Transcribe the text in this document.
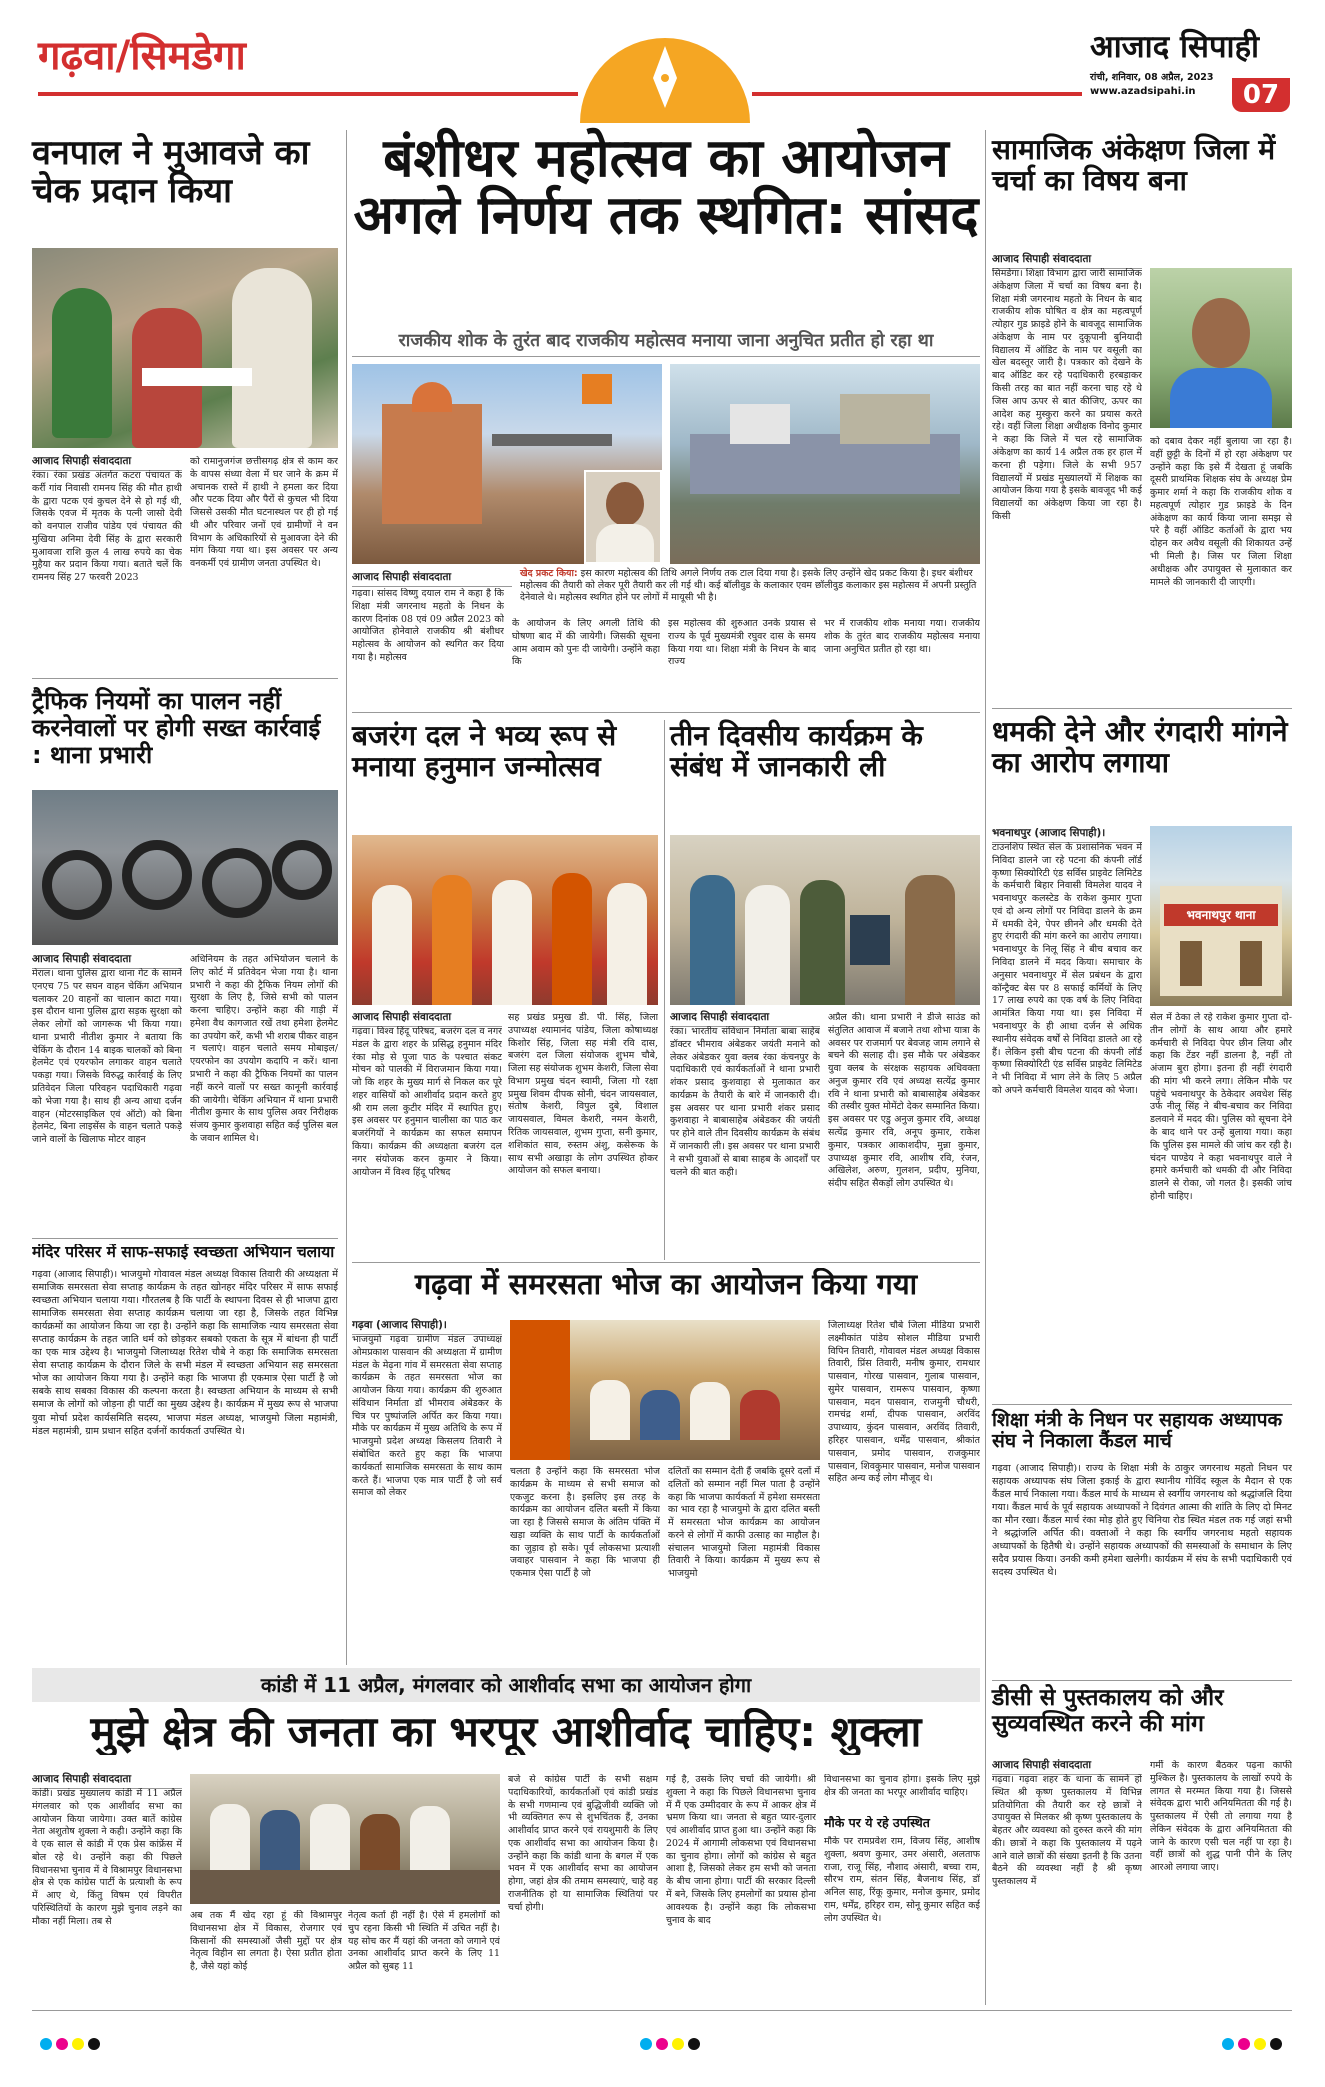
गढ़वा/सिमडेगा	आजाद सिपाही
रांची, शनिवार, 08 अप्रैल, 2023
www.azadsipahi.in	07
वनपाल ने मुआवजे का चेक प्रदान किया
आजाद सिपाही संवाददाता
रंका। रंका प्रखंड अंतर्गत कटरा पंचायत के कर्री गांव निवासी रामनय सिंह की मौत हाथी के द्वारा पटक एवं कुचल देने से हो गई थी, जिसके एवज में मृतक के पत्नी जासो देवी को वनपाल राजीव पांडेय एवं पंचायत की मुखिया अनिमा देवी सिंह के द्वारा सरकारी मुआवजा राशि कुल 4 लाख रुपये का चेक मुहैया कर प्रदान किया गया। बताते चलें कि रामनय सिंह 27 फरवरी 2023
को रामानुजगंज छत्तीसगढ़ क्षेत्र से काम कर के वापस संध्या वेला में घर जाने के क्रम में अचानक रास्ते में हाथी ने हमला कर दिया और पटक दिया और पैरों से कुचल भी दिया जिससे उसकी मौत घटनास्थल पर ही हो गई थी और परिवार जनों एवं ग्रामीणों ने वन विभाग के अधिकारियों से मुआवजा देने की मांग किया गया था। इस अवसर पर अन्य वनकर्मी एवं ग्रामीण जनता उपस्थित थे।
ट्रैफिक नियमों का पालन नहीं करनेवालों पर होगी सख्त कार्रवाई : थाना प्रभारी
आजाद सिपाही संवाददाता
मेराल। थाना पुलिस द्वारा थाना गेट के सामने एनएच 75 पर सघन वाहन चेकिंग अभियान चलाकर 20 वाहनों का चालान काटा गया। इस दौरान थाना पुलिस द्वारा सड़क सुरक्षा को लेकर लोगों को जागरूक भी किया गया। थाना प्रभारी नीतीश कुमार ने बताया कि चेकिंग के दौरान 14 बाइक चालकों को बिना हेलमेट एवं एयरफोन लगाकर वाहन चलाते पकड़ा गया। जिसके विरुद्ध कार्रवाई के लिए प्रतिवेदन जिला परिवहन पदाधिकारी गढ़वा को भेजा गया है। साथ ही अन्य आधा दर्जन वाहन (मोटरसाइकिल एवं ऑटो) को बिना हेलमेट, बिना लाइसेंस के वाहन चलाते पकड़े जाने वालों के खिलाफ मोटर वाहन
अधिनियम के तहत अभियोजन चलाने के लिए कोर्ट में प्रतिवेदन भेजा गया है। थाना प्रभारी ने कहा की ट्रैफिक नियम लोगों की सुरक्षा के लिए है, जिसे सभी को पालन करना चाहिए। उन्होंने कहा की गाड़ी में हमेशा वैध कागजात रखें तथा हमेशा हेलमेट का उपयोग करें, कभी भी शराब पीकर वाहन न चलाएं। वाहन चलाते समय मोबाइल/एयरफोन का उपयोग कदापि न करें। थाना प्रभारी ने कहा की ट्रैफिक नियमों का पालन नहीं करने वालों पर सख्त कानूनी कार्रवाई की जायेगी। चेकिंग अभियान में थाना प्रभारी नीतीश कुमार के साथ पुलिस अवर निरीक्षक संजय कुमार कुशवाहा सहित कई पुलिस बल के जवान शामिल थे।
मंदिर परिसर में साफ-सफाई स्वच्छता अभियान चलाया
गढ़वा (आजाद सिपाही)। भाजयुमो गोवावल मंडल अध्यक्ष विकास तिवारी की अध्यक्षता में समाजिक समरसता सेवा सप्ताह कार्यक्रम के तहत खोनहर मंदिर परिसर में साफ सफाई स्वच्छता अभियान चलाया गया। गौरतलब है कि पार्टी के स्थापना दिवस से ही भाजपा द्वारा सामाजिक समरसता सेवा सप्ताह कार्यक्रम चलाया जा रहा है, जिसके तहत विभिन्न कार्यक्रमों का आयोजन किया जा रहा है। उन्होंने कहा कि सामाजिक न्याय समरसता सेवा सप्ताह कार्यक्रम के तहत जाति धर्म को छोड़कर सबको एकता के सूत्र में बांधना ही पार्टी का एक मात्र उद्देश्य है। भाजयुमो जिलाध्यक्ष रितेश चौबे ने कहा कि समाजिक समरसता सेवा सप्ताह कार्यक्रम के दौरान जिले के सभी मंडल में स्वच्छता अभियान सह समरसता भोज का आयोजन किया गया है। उन्होंने कहा कि भाजपा ही एकमात्र ऐसा पार्टी है जो सबके साथ सबका विकास की कल्पना करता है। स्वच्छता अभियान के माध्यम से सभी समाज के लोगों को जोड़ना ही पार्टी का मुख्य उद्देश्य है। कार्यक्रम में मुख्य रूप से भाजपा युवा मोर्चा प्रदेश कार्यसमिति सदस्य, भाजपा मंडल अध्यक्ष, भाजयुमो जिला महामंत्री, मंडल महामंत्री, ग्राम प्रधान सहित दर्जनों कार्यकर्ता उपस्थित थे।
बंशीधर महोत्सव का आयोजन अगले निर्णय तक स्थगित: सांसद
राजकीय शोक के तुरंत बाद राजकीय महोत्सव मनाया जाना अनुचित प्रतीत हो रहा था
खेद प्रकट किया: इस कारण महोत्सव की तिथि अगले निर्णय तक टाल दिया गया है। इसके लिए उन्होंने खेद प्रकट किया है। इधर बंशीधर महोत्सव की तैयारी को लेकर पूरी तैयारी कर ली गई थी। कई बॉलीवुड के कलाकार एवम छॉलीवुड कलाकार इस महोत्सव में अपनी प्रस्तुति देनेवाले थे। महोत्सव स्थगित होने पर लोगों में मायूसी भी है।
आजाद सिपाही संवाददाता
गढ़वा। सांसद विष्णु दयाल राम ने कहा है कि शिक्षा मंत्री जगरनाथ महतो के निधन के कारण दिनांक 08 एवं 09 अप्रैल 2023 को आयोजित होनेवाले राजकीय श्री बंशीधर महोत्सव के आयोजन को स्थगित कर दिया गया है। महोत्सव
के आयोजन के लिए अगली तिथि की घोषणा बाद में की जायेगी। जिसकी सूचना आम अवाम को पुनः दी जायेगी। उन्होंने कहा कि
इस महोत्सव की शुरुआत उनके प्रयास से राज्य के पूर्व मुख्यमंत्री रघुवर दास के समय किया गया था। शिक्षा मंत्री के निधन के बाद राज्य
भर में राजकीय शोक मनाया गया। राजकीय शोक के तुरंत बाद राजकीय महोत्सव मनाया जाना अनुचित प्रतीत हो रहा था।
बजरंग दल ने भव्य रूप से मनाया हनुमान जन्मोत्सव
आजाद सिपाही संवाददाता
गढ़वा। विश्व हिंदू परिषद, बजरंग दल व नगर मंडल के द्वारा शहर के प्रसिद्ध हनुमान मंदिर रंका मोड़ से पूजा पाठ के पश्चात संकट मोचन को पालकी में विराजमान किया गया। जो कि शहर के मुख्य मार्ग से निकल कर पूरे शहर वासियों को आशीर्वाद प्रदान करते हुए श्री राम लला कुटीर मंदिर में स्थापित हुए। इस अवसर पर हनुमान चालीसा का पाठ कर बजरंगियों ने कार्यक्रम का सफल समापन किया। कार्यक्रम की अध्यक्षता बजरंग दल नगर संयोजक करन कुमार ने किया। आयोजन में विश्व हिंदू परिषद
सह प्रखंड प्रमुख डी. पी. सिंह, जिला उपाध्यक्ष श्यामानंद पांडेय, जिला कोषाध्यक्ष किशोर सिंह, जिला सह मंत्री रवि दास, बजरंग दल जिला संयोजक शुभम चौबे, जिला सह संयोजक शुभम केशरी, जिला सेवा विभाग प्रमुख चंदन स्वामी, जिला गो रक्षा प्रमुख शिवम दीपक सोनी, चंदन जायसवाल, संतोष केशरी, विपुल दुबे, विशाल जायसवाल, विमल केशरी, नमन केशरी, रितिक जायसवाल, शुभम गुप्ता, सनी कुमार, शशिकांत साव, रुस्तम अंशु, कसेरूक के साथ सभी अखाड़ा के लोग उपस्थित होकर आयोजन को सफल बनाया।
तीन दिवसीय कार्यक्रम के संबंध में जानकारी ली
आजाद सिपाही संवाददाता
रंका। भारतीय संविधान निर्माता बाबा साहेब डॉक्टर भीमराव अंबेडकर जयंती मनाने को लेकर अंबेडकर युवा क्लब रंका कंचनपुर के पदाधिकारी एवं कार्यकर्ताओं ने थाना प्रभारी शंकर प्रसाद कुशवाहा से मुलाकात कर कार्यक्रम के तैयारी के बारे में जानकारी दी। इस अवसर पर थाना प्रभारी शंकर प्रसाद कुशवाहा ने बाबासाहेब अंबेडकर की जयंती पर होने वाले तीन दिवसीय कार्यक्रम के संबंध में जानकारी ली। इस अवसर पर थाना प्रभारी ने सभी युवाओं से बाबा साहब के आदर्शों पर चलने की बात कही।
अप्रैल की। थाना प्रभारी ने डीजे साउंड को संतुलित आवाज में बजाने तथा शोभा यात्रा के अवसर पर राजमार्ग पर बेवजह जाम लगाने से बचने की सलाह दी। इस मौके पर अंबेडकर युवा क्लब के संरक्षक सहायक अधिवक्ता अनुज कुमार रवि एवं अध्यक्ष सत्येंद्र कुमार रवि ने थाना प्रभारी को बाबासाहेब अंबेडकर की तस्वीर युक्त मोमेंटो देकर सम्मानित किया। इस अवसर पर एडु अनुज कुमार रवि, अध्यक्ष सत्येंद्र कुमार रवि, अनूप कुमार, राकेश कुमार, पत्रकार आकाशदीप, मुन्ना कुमार, उपाध्यक्ष कुमार रवि, आशीष रवि, रंजन, अखिलेश, अरुण, गुलशन, प्रदीप, मुनिया, संदीप सहित सैकड़ों लोग उपस्थित थे।
गढ़वा में समरसता भोज का आयोजन किया गया
गढ़वा (आजाद सिपाही)।
भाजयुमो गढ़वा ग्रामीण मंडल उपाध्यक्ष ओमप्रकाश पासवान की अध्यक्षता में ग्रामीण मंडल के मेढ़ना गांव में समरसता सेवा सप्ताह कार्यक्रम के तहत समरसता भोज का आयोजन किया गया। कार्यक्रम की शुरुआत संविधान निर्माता डॉ भीमराव अंबेडकर के चित्र पर पुष्पांजलि अर्पित कर किया गया। मौके पर कार्यक्रम में मुख्य अतिथि के रूप में भाजयुमो प्रदेश अध्यक्ष किसलय तिवारी ने संबोधित करते हुए कहा कि भाजपा कार्यकर्ता सामाजिक समरसता के साथ काम करते हैं। भाजपा एक मात्र पार्टी है जो सर्व समाज को लेकर
चलता है उन्होंने कहा कि समरसता भोज कार्यक्रम के माध्यम से सभी समाज को एकजुट करना है। इसलिए इस तरह के कार्यक्रम का आयोजन दलित बस्ती में किया जा रहा है जिससे समाज के अंतिम पंक्ति में खड़ा व्यक्ति के साथ पार्टी के कार्यकर्ताओं का जुड़ाव हो सके। पूर्व लोकसभा प्रत्याशी जवाहर पासवान ने कहा कि भाजपा ही एकमात्र ऐसा पार्टी है जो
दलितों का सम्मान देती हैं जबकि दूसरे दलों में दलितों को सम्मान नहीं मिल पाता है उन्होंने कहा कि भाजपा कार्यकर्ता में हमेशा समरसता का भाव रहा है भाजयुमो के द्वारा दलित बस्ती में समरसता भोज कार्यक्रम का आयोजन करने से लोगों में काफी उत्साह का माहौल है। संचालन भाजयुमो जिला महामंत्री विकास तिवारी ने किया। कार्यक्रम में मुख्य रूप से भाजयुमो
जिलाध्यक्ष रितेश चौबे जिला मीडिया प्रभारी लक्ष्मीकांत पांडेय सोशल मीडिया प्रभारी विपिन तिवारी, गोवावल मंडल अध्यक्ष विकास तिवारी, प्रिंस तिवारी, मनीष कुमार, रामधार पासवान, गोरख पासवान, गुलाब पासवान, सुमेर पासवान, रामरूप पासवान, कृष्णा पासवान, मदन पासवान, राजमुनी चौधरी, रामचंद्र शर्मा, दीपक पासवान, अरविंद उपाध्याय, कुंदन पासवान, अरविंद तिवारी, हरिहर पासवान, धर्मेंद्र पासवान, श्रीकांत पासवान, प्रमोद पासवान, राजकुमार पासवान, शिवकुमार पासवान, मनोज पासवान सहित अन्य कई लोग मौजूद थे।
सामाजिक अंकेक्षण जिला में चर्चा का विषय बना
आजाद सिपाही संवाददाता
सिमडेगा। शिक्षा विभाग द्वारा जारी सामाजिक अंकेक्षण जिला में चर्चा का विषय बना है। शिक्षा मंत्री जगरनाथ महतो के निधन के बाद राजकीय शोक घोषित व क्षेत्र का महत्वपूर्ण त्योहार गुड फ्राइडे होने के बावजूद सामाजिक अंकेक्षण के नाम पर दुकूपानी बुनियादी विद्यालय में ऑडिट के नाम पर वसूली का खेल बदस्तूर जारी है। पत्रकार को देखने के बाद ऑडिट कर रहे पदाधिकारी हरबड़ाकर किसी तरह का बात नहीं करना चाह रहे थे जिस आप ऊपर से बात कीजिए, ऊपर का आदेश कह मुस्कुरा करने का प्रयास करते रहे। वहीं जिला शिक्षा अधीक्षक विनोद कुमार ने कहा कि जिले में चल रहे सामाजिक अंकेक्षण का कार्य 14 अप्रैल तक हर हाल में करना ही पड़ेगा। जिले के सभी 957 विद्यालयों में प्रखंड मुख्यालयों में शिक्षक का आयोजन किया गया है इसके बावजूद भी कई विद्यालयों का अंकेक्षण किया जा रहा है। किसी
को दबाव देकर नहीं बुलाया जा रहा है। वहीं छुट्टी के दिनों में हो रहा अंकेक्षण पर उन्होंने कहा कि इसे मैं देखता हूं जबकि दूसरी प्राथमिक शिक्षक संघ के अध्यक्ष प्रेम कुमार शर्मा ने कहा कि राजकीय शोक व महत्वपूर्ण त्योहार गुड फ्राइडे के दिन अंकेक्षण का कार्य किया जाना समझ से परे है वहीं ऑडिट कर्ताओं के द्वारा भय दोहन कर अवैध वसूली की शिकायत उन्हें भी मिली है। जिस पर जिला शिक्षा अधीक्षक और उपायुक्त से मुलाकात कर मामले की जानकारी दी जाएगी।
धमकी देने और रंगदारी मांगने का आरोप लगाया
भवनाथपुर (आजाद सिपाही)।
टाउनशिप स्थित सेल के प्रशासनिक भवन में निविदा डालने जा रहे पटना की कंपनी लॉर्ड कृष्णा सिक्योरिटी एंड सर्विस प्राइवेट लिमिटेड के कर्मचारी बिहार निवासी विमलेश यादव ने भवनाथपुर कलस्टेड के राकेश कुमार गुप्ता एवं दो अन्य लोगों पर निविदा डालने के क्रम में धमकी देने, पेपर छीनने और धमकी देते हुए रंगदारी की मांग करने का आरोप लगाया। भवनाथपुर के निलू सिंह ने बीच बचाव कर निविदा डालने में मदद किया। समाचार के अनुसार भवनाथपुर में सेल प्रबंधन के द्वारा कॉन्ट्रैक्ट बेस पर 8 सफाई कर्मियों के लिए 17 लाख रुपये का एक वर्ष के लिए निविदा आमंत्रित किया गया था। इस निविदा में भवनाथपुर के ही आधा दर्जन से अधिक स्थानीय संवेदक वर्षों से निविदा डालते आ रहे हैं। लेकिन इसी बीच पटना की कंपनी लॉर्ड कृष्णा सिक्योरिटी एंड सर्विस प्राइवेट लिमिटेड ने भी निविदा में भाग लेने के लिए 5 अप्रैल को अपने कर्मचारी विमलेश यादव को भेजा।
भवनाथपुर थाना
सेल में ठेका ले रहे राकेश कुमार गुप्ता दो-तीन लोगों के साथ आया और हमारे कर्मचारी से निविदा पेपर छीन लिया और कहा कि टेंडर नहीं डालना है, नहीं तो अंजाम बुरा होगा। इतना ही नहीं रंगदारी की मांग भी करने लगा। लेकिन मौके पर पहुंचे भवनाथपुर के ठेकेदार अवधेश सिंह उर्फ नीलू सिंह ने बीच-बचाव कर निविदा डलवाने में मदद की। पुलिस को सूचना देने के बाद थाने पर उन्हें बुलाया गया। कहा कि पुलिस इस मामले की जांच कर रही है। चंदन पाण्डेय ने कहा भवनाथपुर वाले ने हमारे कर्मचारी को धमकी दी और निविदा डालने से रोका, जो गलत है। इसकी जांच होनी चाहिए।
शिक्षा मंत्री के निधन पर सहायक अध्यापक संघ ने निकाला कैंडल मार्च
गढ़वा (आजाद सिपाही)। राज्य के शिक्षा मंत्री के ठाकुर जगरनाथ महतो निधन पर सहायक अध्यापक संघ जिला इकाई के द्वारा स्थानीय गोविंद स्कूल के मैदान से एक कैंडल मार्च निकाला गया। कैंडल मार्च के माध्यम से स्वर्गीय जगरनाथ को श्रद्धांजलि दिया गया। कैंडल मार्च के पूर्व सहायक अध्यापकों ने दिवंगत आत्मा की शांति के लिए दो मिनट का मौन रखा। कैंडल मार्च रंका मोड़ होते हुए चिनिया रोड स्थित मंडल तक गई जहां सभी ने श्रद्धांजलि अर्पित की। वक्ताओं ने कहा कि स्वर्गीय जगरनाथ महतो सहायक अध्यापकों के हितैषी थे। उन्होंने सहायक अध्यापकों की समस्याओं के समाधान के लिए सदैव प्रयास किया। उनकी कमी हमेशा खलेगी। कार्यक्रम में संघ के सभी पदाधिकारी एवं सदस्य उपस्थित थे।
डीसी से पुस्तकालय को और सुव्यवस्थित करने की मांग
आजाद सिपाही संवाददाता
गढ़वा। गढ़वा शहर के थाना के सामने हो स्थित श्री कृष्ण पुस्तकालय में विभिन्न प्रतियोगिता की तैयारी कर रहे छात्रों ने उपायुक्त से मिलकर श्री कृष्ण पुस्तकालय के बेहतर और व्यवस्था को दुरुस्त करने की मांग की। छात्रों ने कहा कि पुस्तकालय में पढ़ने आने वाले छात्रों की संख्या इतनी है कि उतना बैठने की व्यवस्था नहीं है श्री कृष्ण पुस्तकालय में
गर्मी के कारण बैठकर पढ़ना काफी मुश्किल है। पुस्तकालय के लाखों रुपये के लागत से मरम्मत किया गया है। जिससे संवेदक द्वारा भारी अनियमितता की गई है। पुस्तकालय में ऐसी तो लगाया गया है लेकिन संवेदक के द्वारा अनियमितता की जाने के कारण एसी चल नहीं पा रहा है। वहीं छात्रों को शुद्ध पानी पीने के लिए आरओ लगाया जाए।
कांडी में 11 अप्रैल, मंगलवार को आशीर्वाद सभा का आयोजन होगा
मुझे क्षेत्र की जनता का भरपूर आशीर्वाद चाहिए: शुक्ला
आजाद सिपाही संवाददाता
कांडी। प्रखंड मुख्यालय कांडी में 11 अप्रैल मंगलवार को एक आशीर्वाद सभा का आयोजन किया जायेगा। उक्त बातें कांग्रेस नेता अशुतोष शुक्ला ने कही। उन्होंने कहा कि वे एक साल से कांडी में एक प्रेस कांफ्रेंस में बोल रहे थे। उन्होंने कहा की पिछले विधानसभा चुनाव में वे विश्रामपुर विधानसभा क्षेत्र से एक कांग्रेस पार्टी के प्रत्याशी के रूप में आए थे, किंतु विषम एवं विपरीत परिस्थितियों के कारण मुझे चुनाव लड़ने का मौका नहीं मिला। तब से
अब तक मैं खेद रहा हूं की विश्रामपुर विधानसभा क्षेत्र में विकास, रोजगार एवं किसानों की समस्याओं जैसी मुद्दों पर क्षेत्र नेतृत्व विहीन सा लगता है। ऐसा प्रतीत होता है, जैसे यहां कोई
नेतृत्व कर्ता ही नहीं है। ऐसे में हमलोगों को चुप रहना किसी भी स्थिति में उचित नहीं है। यह सोच कर मैं यहां की जनता को जगाने एवं उनका आशीर्वाद प्राप्त करने के लिए 11 अप्रैल को सुबह 11
बजे से कांग्रेस पार्टी के सभी सक्षम पदाधिकारियों, कार्यकर्ताओं एवं कांडी प्रखंड के सभी गणमान्य एवं बुद्धिजीवी व्यक्ति जो भी व्यक्तिगत रूप से शुभचिंतक हैं, उनका आशीर्वाद प्राप्त करने एवं रायशुमारी के लिए एक आशीर्वाद सभा का आयोजन किया है। उन्होंने कहा कि कांडी थाना के बगल में एक भवन में एक आशीर्वाद सभा का आयोजन होगा, जहां क्षेत्र की तमाम समस्याएं, चाहे वह राजनीतिक हो या सामाजिक स्थितियां पर चर्चा होगी।
गई है, उसके लिए चर्चा की जायेगी। श्री शुक्ला ने कहा कि पिछले विधानसभा चुनाव में मैं एक उम्मीदवार के रूप में आकर क्षेत्र में भ्रमण किया था। जनता से बहुत प्यार-दुलार एवं आशीर्वाद प्राप्त हुआ था। उन्होंने कहा कि 2024 में आगामी लोकसभा एवं विधानसभा का चुनाव होगा। लोगों को कांग्रेस से बहुत आशा है, जिसको लेकर हम सभी को जनता के बीच जाना होगा। पार्टी की सरकार दिल्ली में बने, जिसके लिए हमलोगों का प्रयास होना आवश्यक है। उन्होंने कहा कि लोकसभा चुनाव के बाद
विधानसभा का चुनाव होगा। इसके लिए मुझे क्षेत्र की जनता का भरपूर आशीर्वाद चाहिए।
मौके पर ये रहे उपस्थित
मौके पर रामप्रवेश राम, विजय सिंह, आशीष शुक्ला, श्रवण कुमार, उमर अंसारी, अलताफ राजा, राजू सिंह, नौशाद अंसारी, बच्चा राम, सौरभ राम, संतन सिंह, बैजनाथ सिंह, डॉ अनिल साह, रिंकू कुमार, मनोज कुमार, प्रमोद राम, धर्मेंद्र, हरिहर राम, सोनू कुमार सहित कई लोग उपस्थित थे।
